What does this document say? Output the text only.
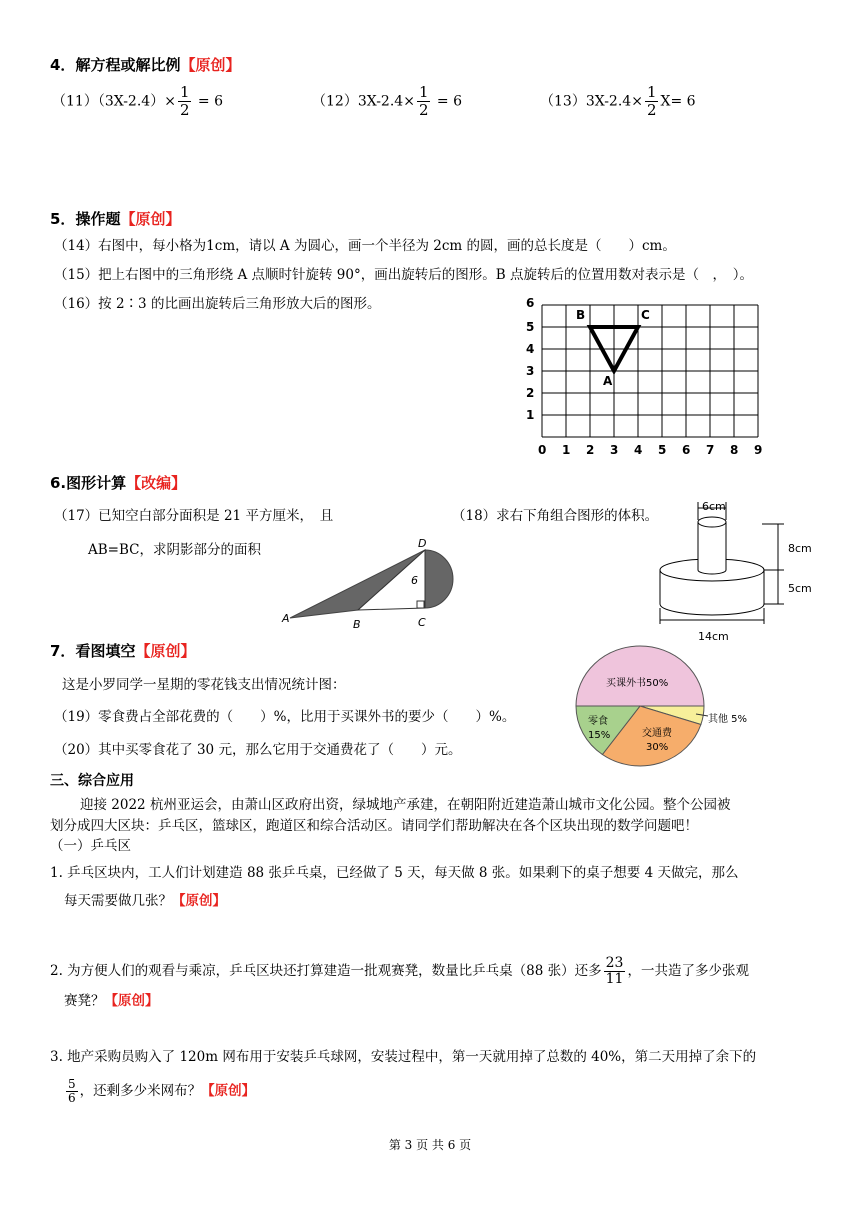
4．解方程或解比例【原创】
$(11)(3X-2.4)\times \frac{1}{2} = 6$	$(12)3X-2.4\times \frac{1}{2} = 6$	$(13)3X-2.4\times \frac{1}{2} X= 6$
5．操作题【原创】
（14）右图中，每小格为1cm，请以 A 为圆心，画一个半径为 2cm 的圆，画的总长度是（　　）cm。
（15）把上右图中的三角形绕 A 点顺时针旋转 90°，画出旋转后的图形。B 点旋转后的位置用数对表示是（　，　）。
（16）按 2∶3 的比画出旋转后三角形放大后的图形。
0 1 2 3 4 5 6 7 8 9
1
2
3
4
5
6
B	C
A
6.图形计算【改编】
（17）已知空白部分面积是 21 平方厘米，　且
AB=BC，求阴影部分的面积
（18）求右下角组合图形的体积。
A	B	C
D
6
6cm
8cm
5cm
14cm
7．看图填空【原创】
这是小罗同学一星期的零花钱支出情况统计图：
（19）零食费占全部花费的（　　）%，比用于买课外书的要少（　　）%。
（20）其中买零食花了 30 元，那么它用于交通费花了（　　）元。
买课外书50%
其他 5%
交通费
30%
零食
15%
三、综合应用
迎接 2022 杭州亚运会，由萧山区政府出资，绿城地产承建，在朝阳附近建造萧山城市文化公园。整个公园被
划分成四大区块：乒乓区，篮球区，跑道区和综合活动区。请同学们帮助解决在各个区块出现的数学问题吧！
（一）乒乓区
1. 乒乓区块内，工人们计划建造 88 张乒乓桌，已经做了 5 天，每天做 8 张。如果剩下的桌子想要 4 天做完，那么
每天需要做几张？【原创】
2. 为方便人们的观看与乘凉，乒乓区块还打算建造一批观赛凳，数量比乒乓桌（88 张）还多 $\frac{23}{11}$ ，一共造了多少张观
赛凳？【原创】
3. 地产采购员购入了 120m 网布用于安装乒乓球网，安装过程中，第一天就用掉了总数的 40%，第二天用掉了余下的
$\frac{5}{6}$ ，还剩多少米网布？【原创】
第 3 页 共 6 页
